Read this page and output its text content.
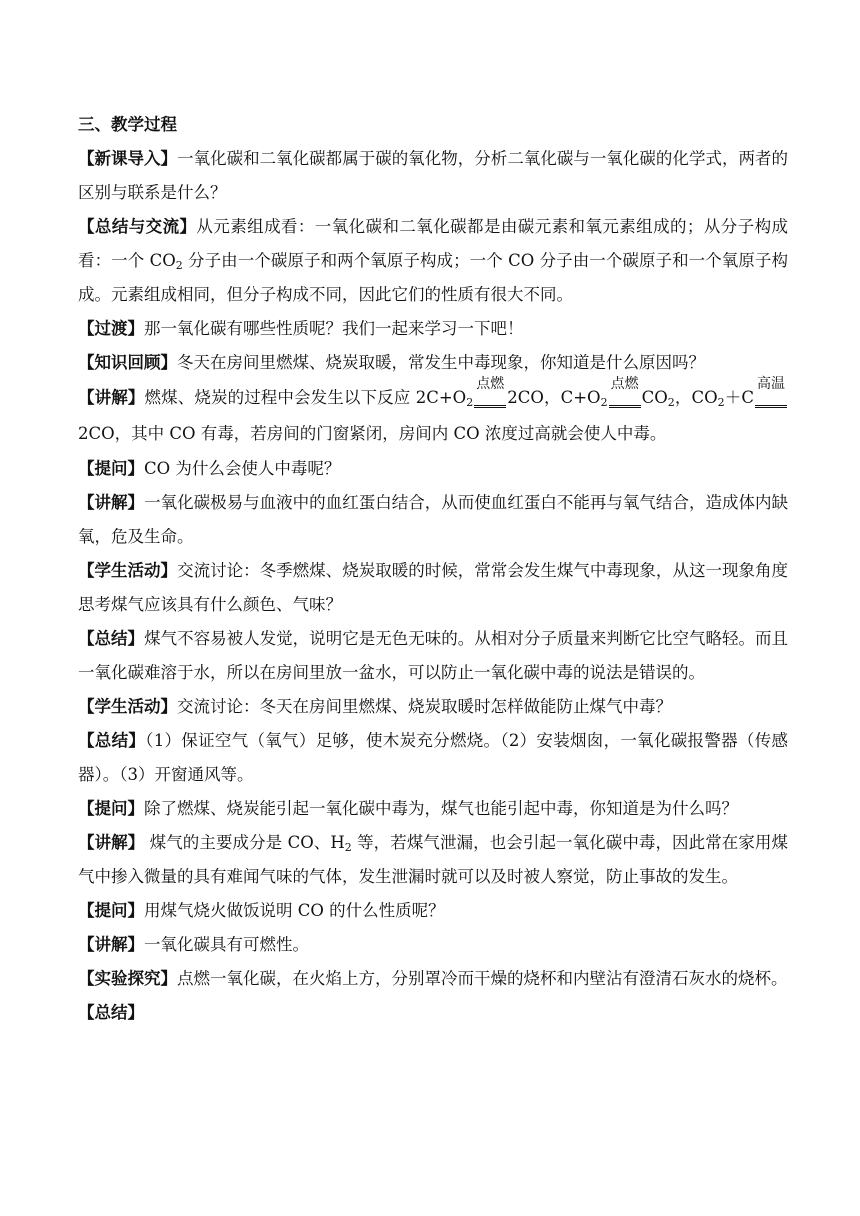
三、教学过程

【新课导入】一氧化碳和二氧化碳都属于碳的氧化物，分析二氧化碳与一氧化碳的化学式，两者的区别与联系是什么？

【总结与交流】从元素组成看：一氧化碳和二氧化碳都是由碳元素和氧元素组成的；从分子构成看：一个 $CO_2$ 分子由一个碳原子和两个氧原子构成；一个 CO 分子由一个碳原子和一个氧原子构成。元素组成相同，但分子构成不同，因此它们的性质有很大不同。

【过渡】那一氧化碳有哪些性质呢？我们一起来学习一下吧！

【知识回顾】冬天在房间里燃煤、烧炭取暖，常发生中毒现象，你知道是什么原因吗？

【讲解】燃煤、烧炭的过程中会发生以下反应 $2C+O_2$
点燃
2CO，$C+O_2$
点燃
$CO_2$，$CO_2+C$
高温
2CO，其中 CO 有毒，若房间的门窗紧闭，房间内 CO 浓度过高就会使人中毒。

【提问】CO 为什么会使人中毒呢？

【讲解】一氧化碳极易与血液中的血红蛋白结合，从而使血红蛋白不能再与氧气结合，造成体内缺氧，危及生命。

【学生活动】交流讨论：冬季燃煤、烧炭取暖的时候，常常会发生煤气中毒现象，从这一现象角度思考煤气应该具有什么颜色、气味？

【总结】煤气不容易被人发觉，说明它是无色无味的。从相对分子质量来判断它比空气略轻。而且一氧化碳难溶于水，所以在房间里放一盆水，可以防止一氧化碳中毒的说法是错误的。

【学生活动】交流讨论：冬天在房间里燃煤、烧炭取暖时怎样做能防止煤气中毒？

【总结】（1）保证空气（氧气）足够，使木炭充分燃烧。（2）安装烟囱，一氧化碳报警器（传感器）。（3）开窗通风等。

【提问】除了燃煤、烧炭能引起一氧化碳中毒为，煤气也能引起中毒，你知道是为什么吗？

【讲解】 煤气的主要成分是 CO、$H_2$ 等，若煤气泄漏，也会引起一氧化碳中毒，因此常在家用煤气中掺入微量的具有难闻气味的气体，发生泄漏时就可以及时被人察觉，防止事故的发生。

【提问】用煤气烧火做饭说明 CO 的什么性质呢？

【讲解】一氧化碳具有可燃性。

【实验探究】点燃一氧化碳，在火焰上方，分别罩冷而干燥的烧杯和内壁沾有澄清石灰水的烧杯。

【总结】
